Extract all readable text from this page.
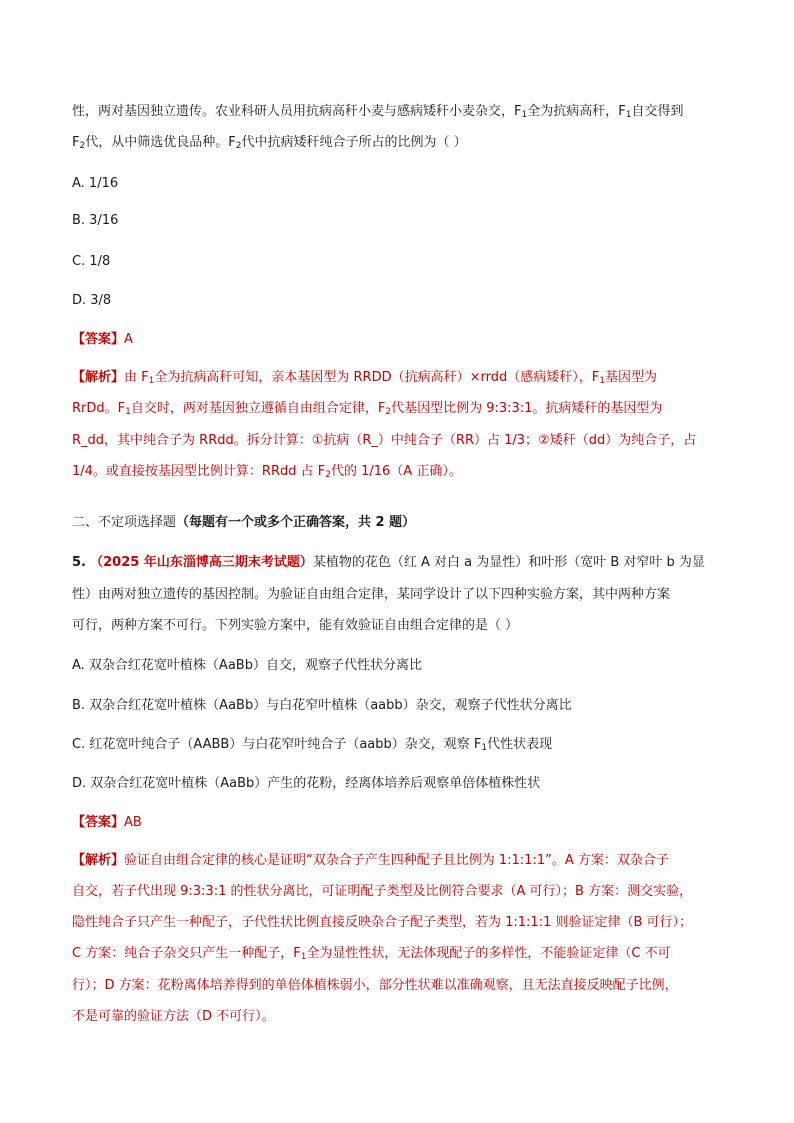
性，两对基因独立遗传。农业科研人员用抗病高秆小麦与感病矮秆小麦杂交，$F_1$全为抗病高秆，$F_1$自交得到
$F_2$代，从中筛选优良品种。$F_2$代中抗病矮秆纯合子所占的比例为（ ）
A. 1/16
B. 3/16
C. 1/8
D. 3/8
【答案】A
【解析】由 $F_1$全为抗病高秆可知，亲本基因型为 RRDD（抗病高秆）×rrdd（感病矮秆），$F_1$基因型为
RrDd。$F_1$自交时，两对基因独立遵循自由组合定律，$F_2$代基因型比例为 9:3:3:1。抗病矮秆的基因型为
R_dd，其中纯合子为 RRdd。拆分计算：①抗病（R_）中纯合子（RR）占 1/3；②矮秆（dd）为纯合子，占
1/4。或直接按基因型比例计算：RRdd 占 $F_2$代的 1/16（A 正确）。
二、不定项选择题（每题有一个或多个正确答案，共 2 题）
5. （2025 年山东淄博高三期末考试题）某植物的花色（红 A 对白 a 为显性）和叶形（宽叶 B 对窄叶 b 为显
性）由两对独立遗传的基因控制。为验证自由组合定律，某同学设计了以下四种实验方案，其中两种方案
可行，两种方案不可行。下列实验方案中，能有效验证自由组合定律的是（ ）
A. 双杂合红花宽叶植株（AaBb）自交，观察子代性状分离比
B. 双杂合红花宽叶植株（AaBb）与白花窄叶植株（aabb）杂交，观察子代性状分离比
C. 红花宽叶纯合子（AABB）与白花窄叶纯合子（aabb）杂交，观察 $F_1$代性状表现
D. 双杂合红花宽叶植株（AaBb）产生的花粉，经离体培养后观察单倍体植株性状
【答案】AB
【解析】验证自由组合定律的核心是证明“双杂合子产生四种配子且比例为 1:1:1:1”。A 方案：双杂合子
自交，若子代出现 9:3:3:1 的性状分离比，可证明配子类型及比例符合要求（A 可行）；B 方案：测交实验，
隐性纯合子只产生一种配子，子代性状比例直接反映杂合子配子类型，若为 1:1:1:1 则验证定律（B 可行）；
C 方案：纯合子杂交只产生一种配子，$F_1$全为显性性状，无法体现配子的多样性，不能验证定律（C 不可
行）；D 方案：花粉离体培养得到的单倍体植株弱小，部分性状难以准确观察，且无法直接反映配子比例，
不是可靠的验证方法（D 不可行）。
